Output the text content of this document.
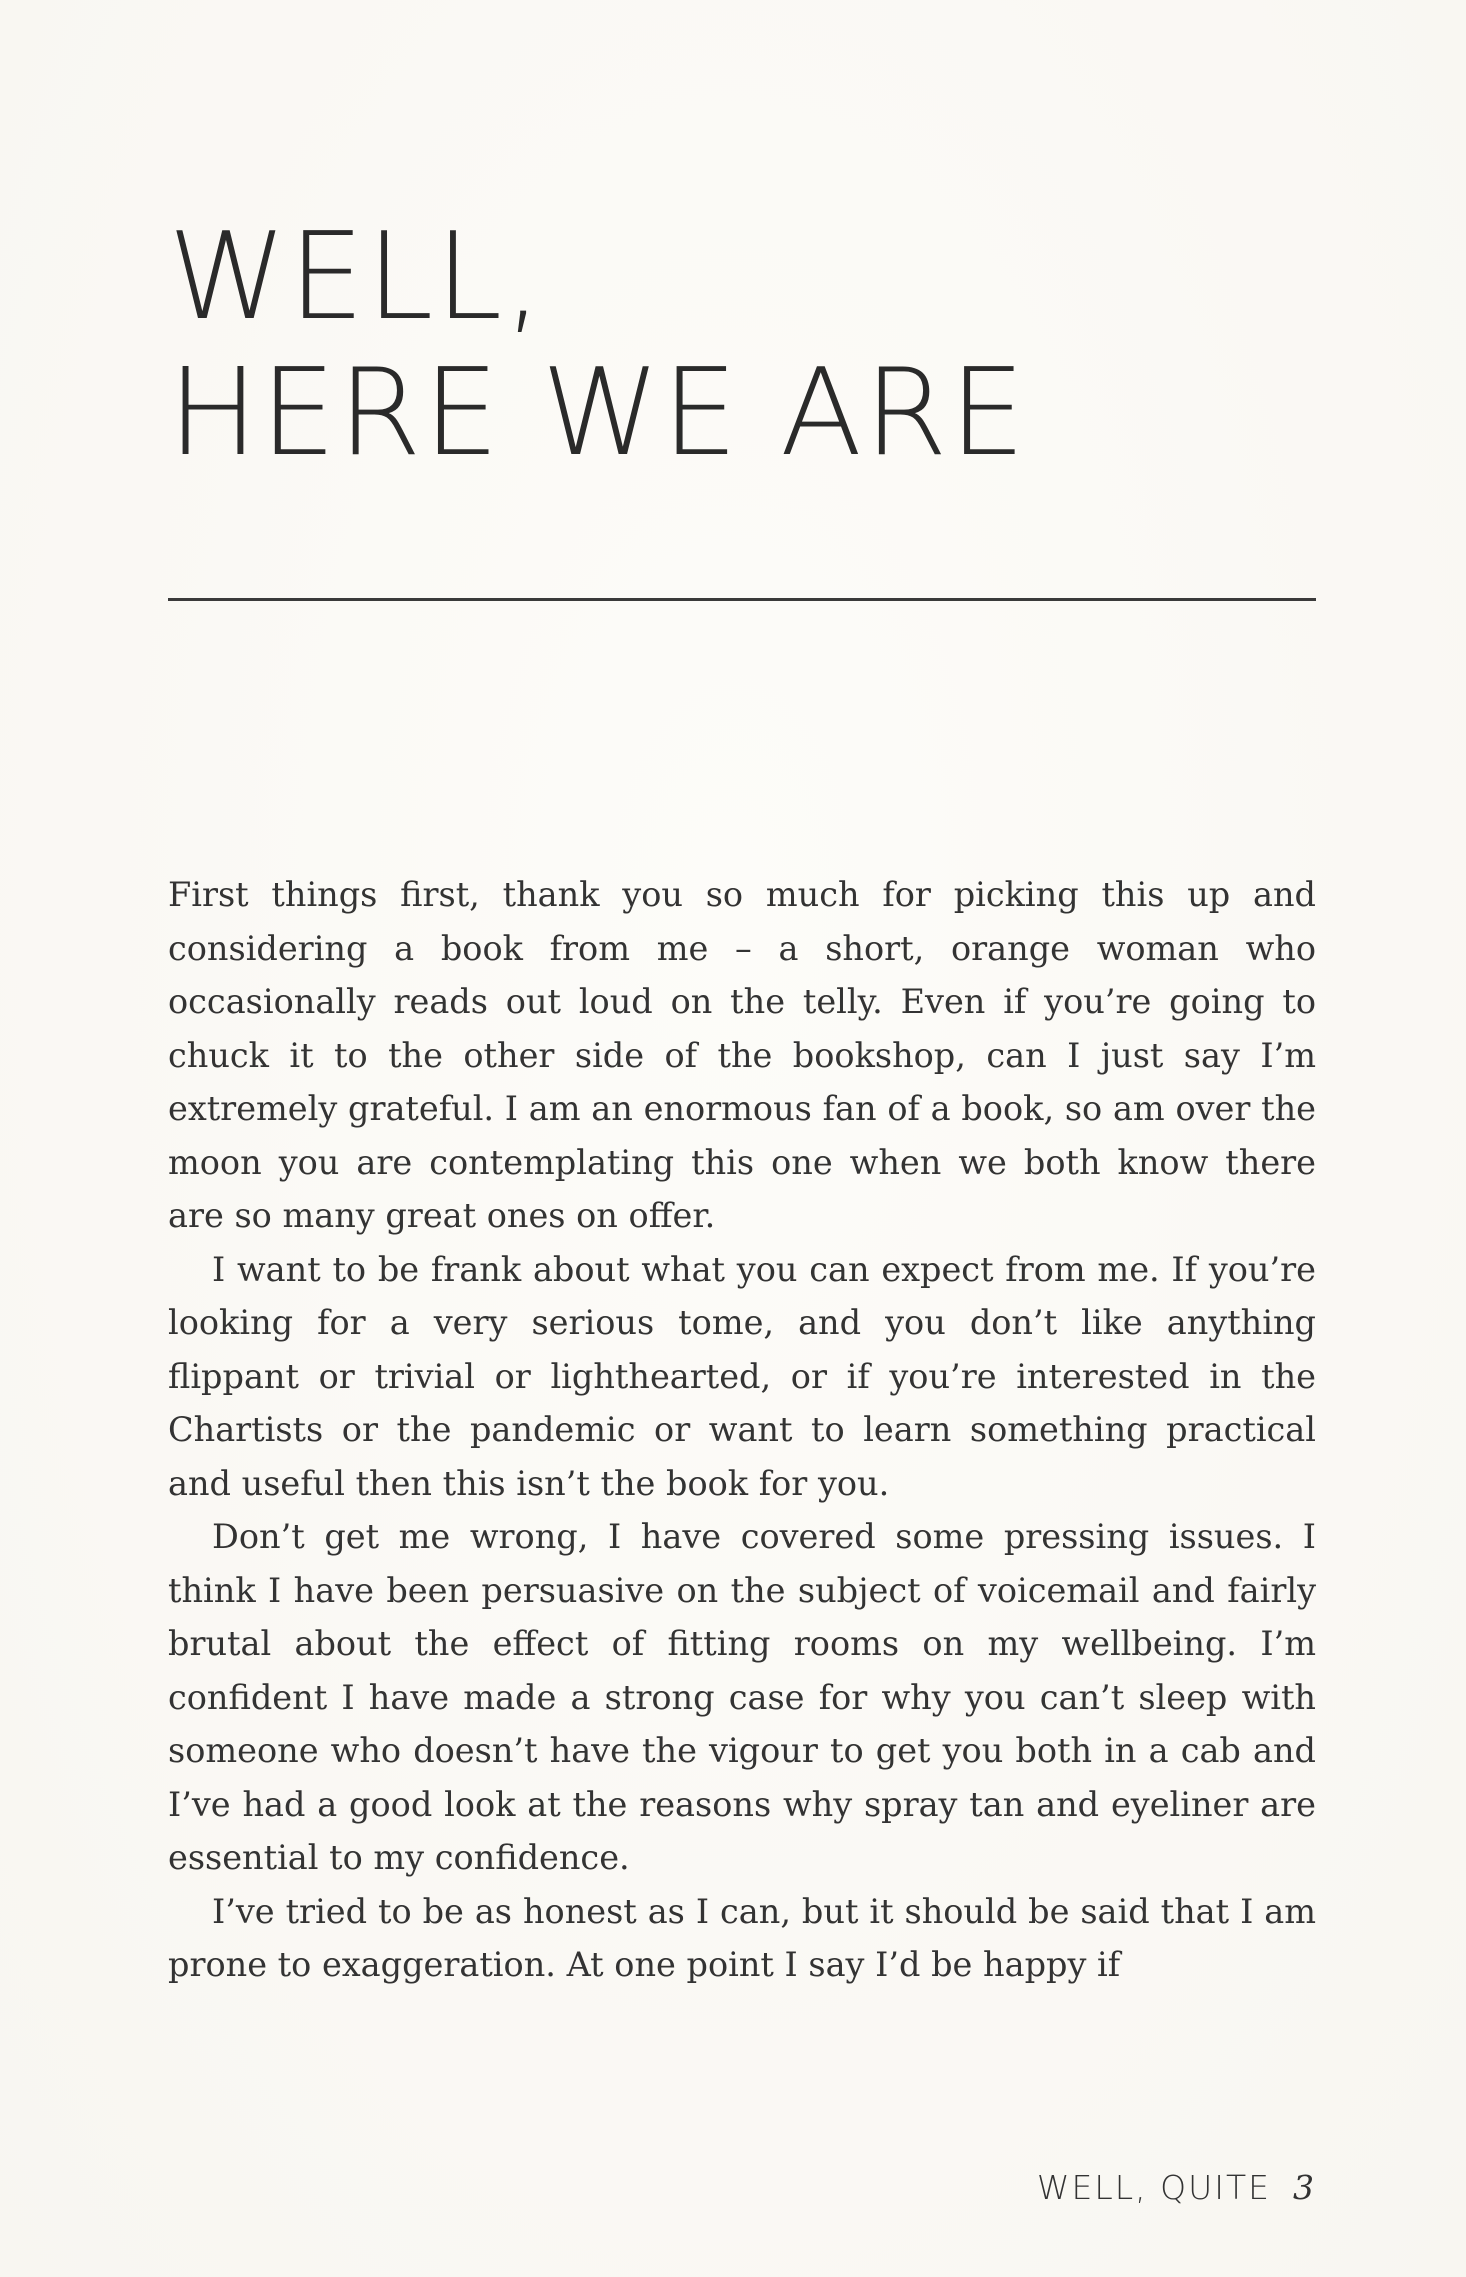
WELL,
HERE WE ARE

First things first, thank you so much for picking this up and considering a book from me – a short, orange woman who occasionally reads out loud on the telly. Even if you’re going to chuck it to the other side of the bookshop, can I just say I’m extremely grateful. I am an enormous fan of a book, so am over the moon you are contemplating this one when we both know there are so many great ones on offer.

I want to be frank about what you can expect from me. If you’re looking for a very serious tome, and you don’t like anything flippant or trivial or lighthearted, or if you’re interested in the Chartists or the pandemic or want to learn something practical and useful then this isn’t the book for you.

Don’t get me wrong, I have covered some pressing issues. I think I have been persuasive on the subject of voicemail and fairly brutal about the effect of fitting rooms on my wellbeing. I’m confident I have made a strong case for why you can’t sleep with someone who doesn’t have the vigour to get you both in a cab and I’ve had a good look at the reasons why spray tan and eyeliner are essential to my confidence.

I’ve tried to be as honest as I can, but it should be said that I am prone to exaggeration. At one point I say I’d be happy if

WELL, QUITE 3
